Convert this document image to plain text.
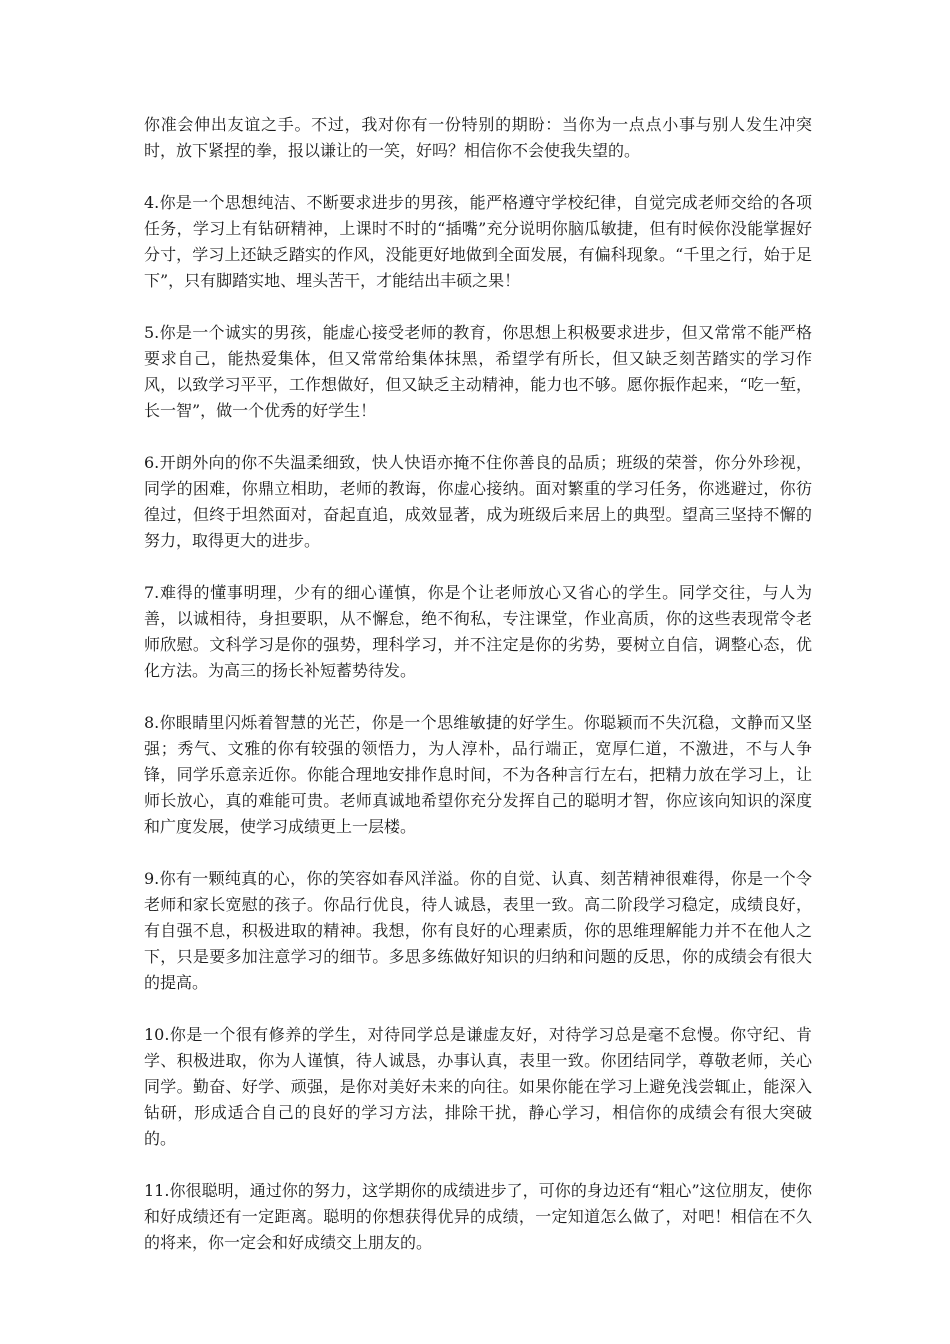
你准会伸出友谊之手。不过，我对你有一份特别的期盼：当你为一点点小事与别人发生冲突时，放下紧捏的拳，报以谦让的一笑，好吗？相信你不会使我失望的。

4.你是一个思想纯洁、不断要求进步的男孩，能严格遵守学校纪律，自觉完成老师交给的各项任务，学习上有钻研精神，上课时不时的“插嘴”充分说明你脑瓜敏捷，但有时候你没能掌握好分寸，学习上还缺乏踏实的作风，没能更好地做到全面发展，有偏科现象。“千里之行，始于足下”，只有脚踏实地、埋头苦干，才能结出丰硕之果！

5.你是一个诚实的男孩，能虚心接受老师的教育，你思想上积极要求进步，但又常常不能严格要求自己，能热爱集体，但又常常给集体抹黑，希望学有所长，但又缺乏刻苦踏实的学习作风，以致学习平平，工作想做好，但又缺乏主动精神，能力也不够。愿你振作起来，“吃一堑，长一智”，做一个优秀的好学生！

6.开朗外向的你不失温柔细致，快人快语亦掩不住你善良的品质；班级的荣誉，你分外珍视，同学的困难，你鼎立相助，老师的教诲，你虚心接纳。面对繁重的学习任务，你逃避过，你彷徨过，但终于坦然面对，奋起直追，成效显著，成为班级后来居上的典型。望高三坚持不懈的努力，取得更大的进步。

7.难得的懂事明理，少有的细心谨慎，你是个让老师放心又省心的学生。同学交往，与人为善，以诚相待，身担要职，从不懈怠，绝不徇私，专注课堂，作业高质，你的这些表现常令老师欣慰。文科学习是你的强势，理科学习，并不注定是你的劣势，要树立自信，调整心态，优化方法。为高三的扬长补短蓄势待发。

8.你眼睛里闪烁着智慧的光芒，你是一个思维敏捷的好学生。你聪颖而不失沉稳，文静而又坚强；秀气、文雅的你有较强的领悟力，为人淳朴，品行端正，宽厚仁道，不激进，不与人争锋，同学乐意亲近你。你能合理地安排作息时间，不为各种言行左右，把精力放在学习上，让师长放心，真的难能可贵。老师真诚地希望你充分发挥自己的聪明才智，你应该向知识的深度和广度发展，使学习成绩更上一层楼。

9.你有一颗纯真的心，你的笑容如春风洋溢。你的自觉、认真、刻苦精神很难得，你是一个令老师和家长宽慰的孩子。你品行优良，待人诚恳，表里一致。高二阶段学习稳定，成绩良好，有自强不息，积极进取的精神。我想，你有良好的心理素质，你的思维理解能力并不在他人之下，只是要多加注意学习的细节。多思多练做好知识的归纳和问题的反思，你的成绩会有很大的提高。

10.你是一个很有修养的学生，对待同学总是谦虚友好，对待学习总是毫不怠慢。你守纪、肯学、积极进取，你为人谨慎，待人诚恳，办事认真，表里一致。你团结同学，尊敬老师，关心同学。勤奋、好学、顽强，是你对美好未来的向往。如果你能在学习上避免浅尝辄止，能深入钻研，形成适合自己的良好的学习方法，排除干扰，静心学习，相信你的成绩会有很大突破的。

11.你很聪明，通过你的努力，这学期你的成绩进步了，可你的身边还有“粗心”这位朋友，使你和好成绩还有一定距离。聪明的你想获得优异的成绩，一定知道怎么做了，对吧！相信在不久的将来，你一定会和好成绩交上朋友的。
